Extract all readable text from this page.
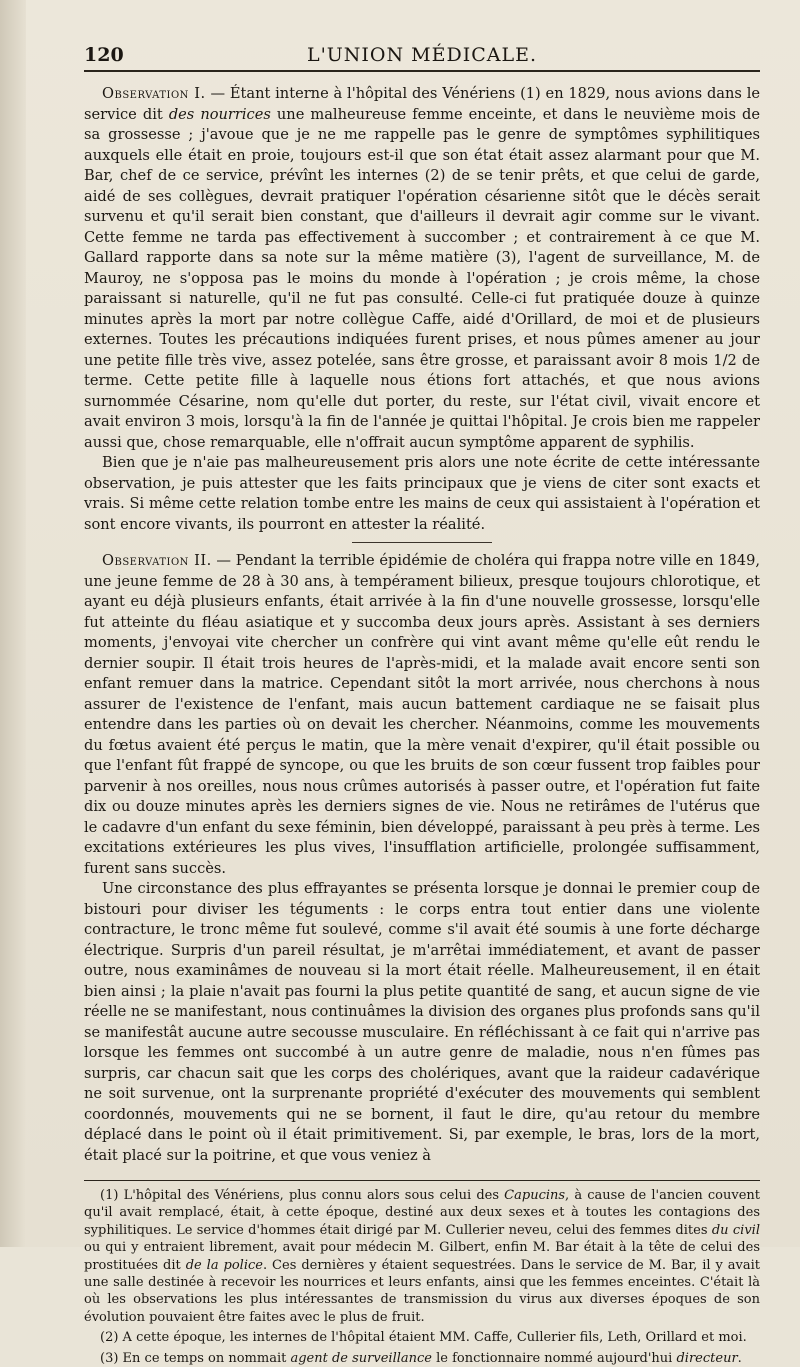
120	L'UNION MÉDICALE.

Observation I. — Étant interne à l'hôpital des Vénériens (1) en 1829, nous avions dans le service dit des nourrices une malheureuse femme enceinte, et dans le neuvième mois de sa grossesse ; j'avoue que je ne me rappelle pas le genre de symptômes syphilitiques auxquels elle était en proie, toujours est-il que son état était assez alarmant pour que M. Bar, chef de ce service, prévînt les internes (2) de se tenir prêts, et que celui de garde, aidé de ses collègues, devrait pratiquer l'opération césarienne sitôt que le décès serait survenu et qu'il serait bien constant, que d'ailleurs il devrait agir comme sur le vivant. Cette femme ne tarda pas effectivement à succomber ; et contrairement à ce que M. Gallard rapporte dans sa note sur la même matière (3), l'agent de surveillance, M. de Mauroy, ne s'opposa pas le moins du monde à l'opération ; je crois même, la chose paraissant si naturelle, qu'il ne fut pas consulté. Celle-ci fut pratiquée douze à quinze minutes après la mort par notre collègue Caffe, aidé d'Orillard, de moi et de plusieurs externes. Toutes les précautions indiquées furent prises, et nous pûmes amener au jour une petite fille très vive, assez potelée, sans être grosse, et paraissant avoir 8 mois 1/2 de terme. Cette petite fille à laquelle nous étions fort attachés, et que nous avions surnommée Césarine, nom qu'elle dut porter, du reste, sur l'état civil, vivait encore et avait environ 3 mois, lorsqu'à la fin de l'année je quittai l'hôpital. Je crois bien me rappeler aussi que, chose remarquable, elle n'offrait aucun symptôme apparent de syphilis.

Bien que je n'aie pas malheureusement pris alors une note écrite de cette intéressante observation, je puis attester que les faits principaux que je viens de citer sont exacts et vrais. Si même cette relation tombe entre les mains de ceux qui assistaient à l'opération et sont encore vivants, ils pourront en attester la réalité.

Observation II. — Pendant la terrible épidémie de choléra qui frappa notre ville en 1849, une jeune femme de 28 à 30 ans, à tempérament bilieux, presque toujours chlorotique, et ayant eu déjà plusieurs enfants, était arrivée à la fin d'une nouvelle grossesse, lorsqu'elle fut atteinte du fléau asiatique et y succomba deux jours après. Assistant à ses derniers moments, j'envoyai vite chercher un confrère qui vint avant même qu'elle eût rendu le dernier soupir. Il était trois heures de l'après-midi, et la malade avait encore senti son enfant remuer dans la matrice. Cependant sitôt la mort arrivée, nous cherchons à nous assurer de l'existence de l'enfant, mais aucun battement cardiaque ne se faisait plus entendre dans les parties où on devait les chercher. Néanmoins, comme les mouvements du fœtus avaient été perçus le matin, que la mère venait d'expirer, qu'il était possible ou que l'enfant fût frappé de syncope, ou que les bruits de son cœur fussent trop faibles pour parvenir à nos oreilles, nous nous crûmes autorisés à passer outre, et l'opération fut faite dix ou douze minutes après les derniers signes de vie. Nous ne retirâmes de l'utérus que le cadavre d'un enfant du sexe féminin, bien développé, paraissant à peu près à terme. Les excitations extérieures les plus vives, l'insufflation artificielle, prolongée suffisamment, furent sans succès.

Une circonstance des plus effrayantes se présenta lorsque je donnai le premier coup de bistouri pour diviser les téguments : le corps entra tout entier dans une violente contracture, le tronc même fut soulevé, comme s'il avait été soumis à une forte décharge électrique. Surpris d'un pareil résultat, je m'arrêtai immédiatement, et avant de passer outre, nous examinâmes de nouveau si la mort était réelle. Malheureusement, il en était bien ainsi ; la plaie n'avait pas fourni la plus petite quantité de sang, et aucun signe de vie réelle ne se manifestant, nous continuâmes la division des organes plus profonds sans qu'il se manifestât aucune autre secousse musculaire. En réfléchissant à ce fait qui n'arrive pas lorsque les femmes ont succombé à un autre genre de maladie, nous n'en fûmes pas surpris, car chacun sait que les corps des cholériques, avant que la raideur cadavérique ne soit survenue, ont la surprenante propriété d'exécuter des mouvements qui semblent coordonnés, mouvements qui ne se bornent, il faut le dire, qu'au retour du membre déplacé dans le point où il était primitivement. Si, par exemple, le bras, lors de la mort, était placé sur la poitrine, et que vous veniez à

(1) L'hôpital des Vénériens, plus connu alors sous celui des Capucins, à cause de l'ancien couvent qu'il avait remplacé, était, à cette époque, destiné aux deux sexes et à toutes les contagions des syphilitiques. Le service d'hommes était dirigé par M. Cullerier neveu, celui des femmes dites du civil ou qui y entraient librement, avait pour médecin M. Gilbert, enfin M. Bar était à la tête de celui des prostituées dit de la police. Ces dernières y étaient sequestrées. Dans le service de M. Bar, il y avait une salle destinée à recevoir les nourrices et leurs enfants, ainsi que les femmes enceintes. C'était là où les observations les plus intéressantes de transmission du virus aux diverses époques de son évolution pouvaient être faites avec le plus de fruit.

(2) A cette époque, les internes de l'hôpital étaient MM. Caffe, Cullerier fils, Leth, Orillard et moi.

(3) En ce temps on nommait agent de surveillance le fonctionnaire nommé aujourd'hui directeur.
